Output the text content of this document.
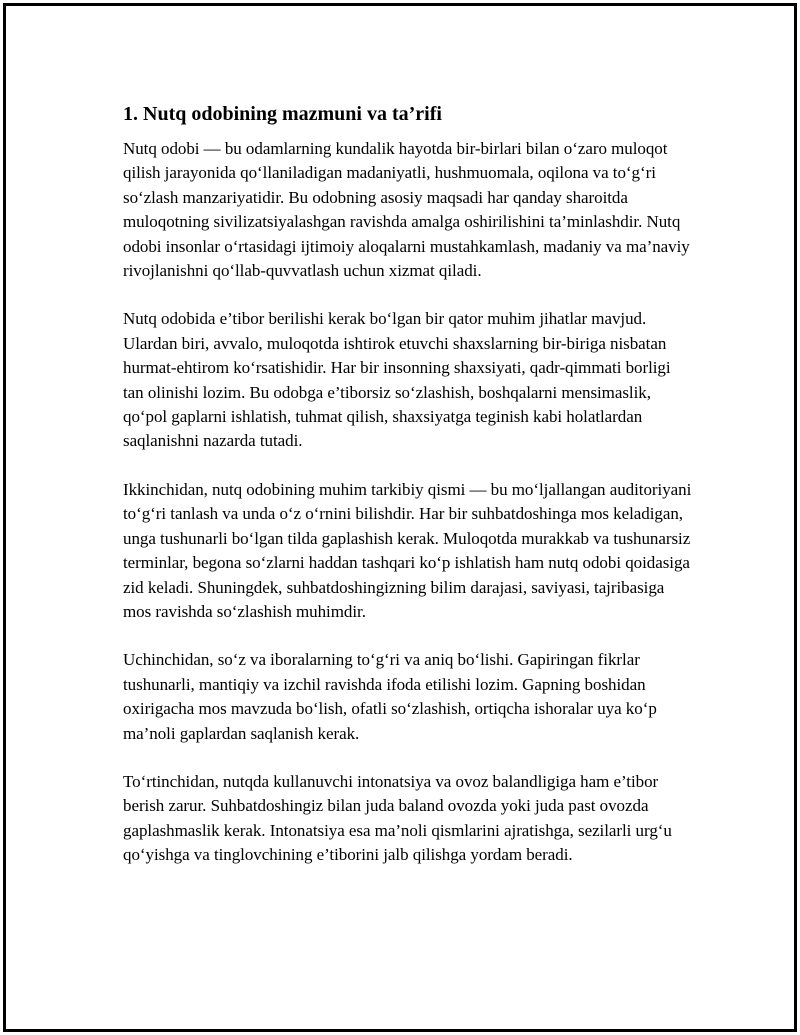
1. Nutq odobining mazmuni va ta’rifi

Nutq odobi — bu odamlarning kundalik hayotda bir-birlari bilan o‘zaro muloqot qilish jarayonida qo‘llaniladigan madaniyatli, hushmuomala, oqilona va to‘g‘ri so‘zlash manzariyatidir. Bu odobning asosiy maqsadi har qanday sharoitda muloqotning sivilizatsiyalashgan ravishda amalga oshirilishini ta’minlashdir. Nutq odobi insonlar o‘rtasidagi ijtimoiy aloqalarni mustahkamlash, madaniy va ma’naviy rivojlanishni qo‘llab-quvvatlash uchun xizmat qiladi.

Nutq odobida e’tibor berilishi kerak bo‘lgan bir qator muhim jihatlar mavjud. Ulardan biri, avvalo, muloqotda ishtirok etuvchi shaxslarning bir-biriga nisbatan hurmat-ehtirom ko‘rsatishidir. Har bir insonning shaxsiyati, qadr-qimmati borligi tan olinishi lozim. Bu odobga e’tiborsiz so‘zlashish, boshqalarni mensimaslik, qo‘pol gaplarni ishlatish, tuhmat qilish, shaxsiyatga teginish kabi holatlardan saqlanishni nazarda tutadi.

Ikkinchidan, nutq odobining muhim tarkibiy qismi — bu mo‘ljallangan auditoriyani to‘g‘ri tanlash va unda o‘z o‘rnini bilishdir. Har bir suhbatdoshinga mos keladigan, unga tushunarli bo‘lgan tilda gaplashish kerak. Muloqotda murakkab va tushunarsiz terminlar, begona so‘zlarni haddan tashqari ko‘p ishlatish ham nutq odobi qoidasiga zid keladi. Shuningdek, suhbatdoshingizning bilim darajasi, saviyasi, tajribasiga mos ravishda so‘zlashish muhimdir.

Uchinchidan, so‘z va iboralarning to‘g‘ri va aniq bo‘lishi. Gapiringan fikrlar tushunarli, mantiqiy va izchil ravishda ifoda etilishi lozim. Gapning boshidan oxirigacha mos mavzuda bo‘lish, ofatli so‘zlashish, ortiqcha ishoralar uya ko‘p ma’noli gaplardan saqlanish kerak.

To‘rtinchidan, nutqda kullanuvchi intonatsiya va ovoz balandligiga ham e’tibor berish zarur. Suhbatdoshingiz bilan juda baland ovozda yoki juda past ovozda gaplashmaslik kerak. Intonatsiya esa ma’noli qismlarini ajratishga, sezilarli urg‘u qo‘yishga va tinglovchining e’tiborini jalb qilishga yordam beradi.
